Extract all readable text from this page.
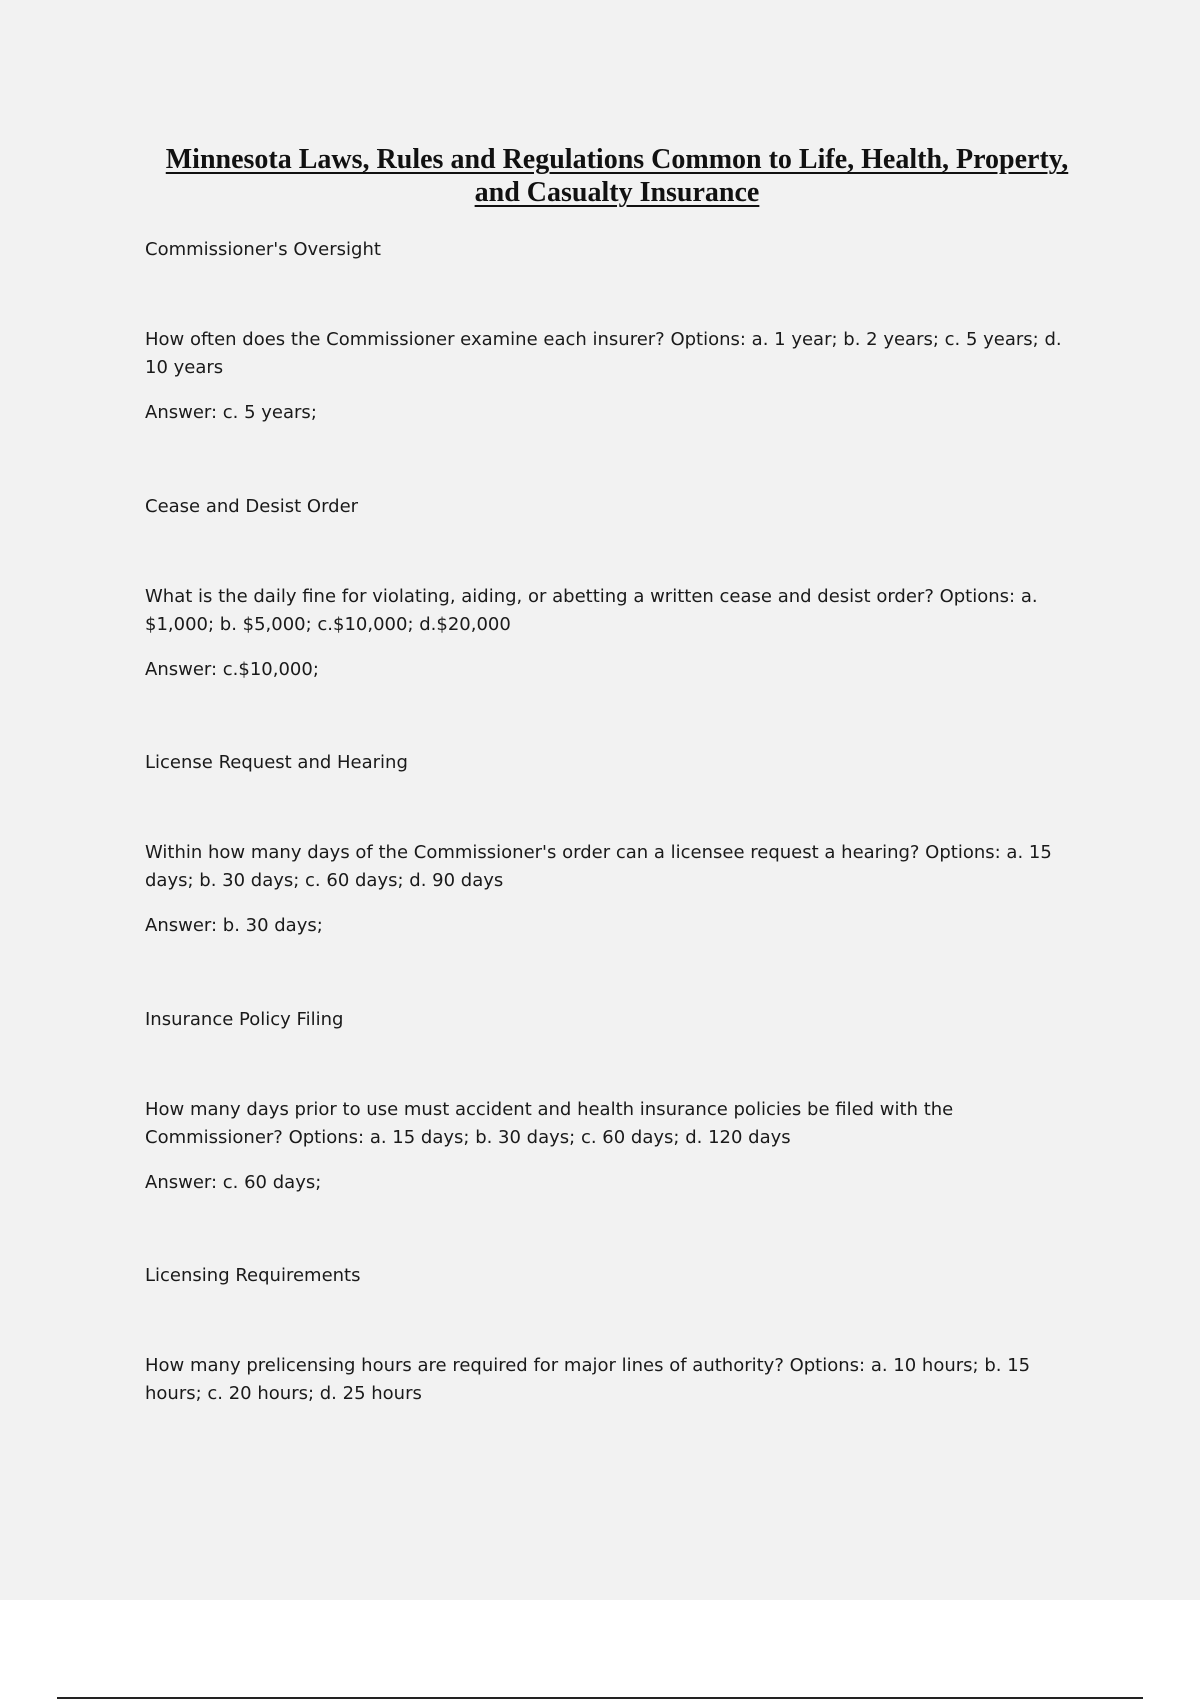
Minnesota Laws, Rules and Regulations Common to Life, Health, Property,
and Casualty Insurance

Commissioner's Oversight

How often does the Commissioner examine each insurer? Options: a. 1 year; b. 2 years; c. 5 years; d. 10 years

Answer: c. 5 years;

Cease and Desist Order

What is the daily fine for violating, aiding, or abetting a written cease and desist order? Options: a. $1,000; b. $5,000; c.$10,000; d.$20,000

Answer: c.$10,000;

License Request and Hearing

Within how many days of the Commissioner's order can a licensee request a hearing? Options: a. 15 days; b. 30 days; c. 60 days; d. 90 days

Answer: b. 30 days;

Insurance Policy Filing

How many days prior to use must accident and health insurance policies be filed with the Commissioner? Options: a. 15 days; b. 30 days; c. 60 days; d. 120 days

Answer: c. 60 days;

Licensing Requirements

How many prelicensing hours are required for major lines of authority? Options: a. 10 hours; b. 15 hours; c. 20 hours; d. 25 hours
